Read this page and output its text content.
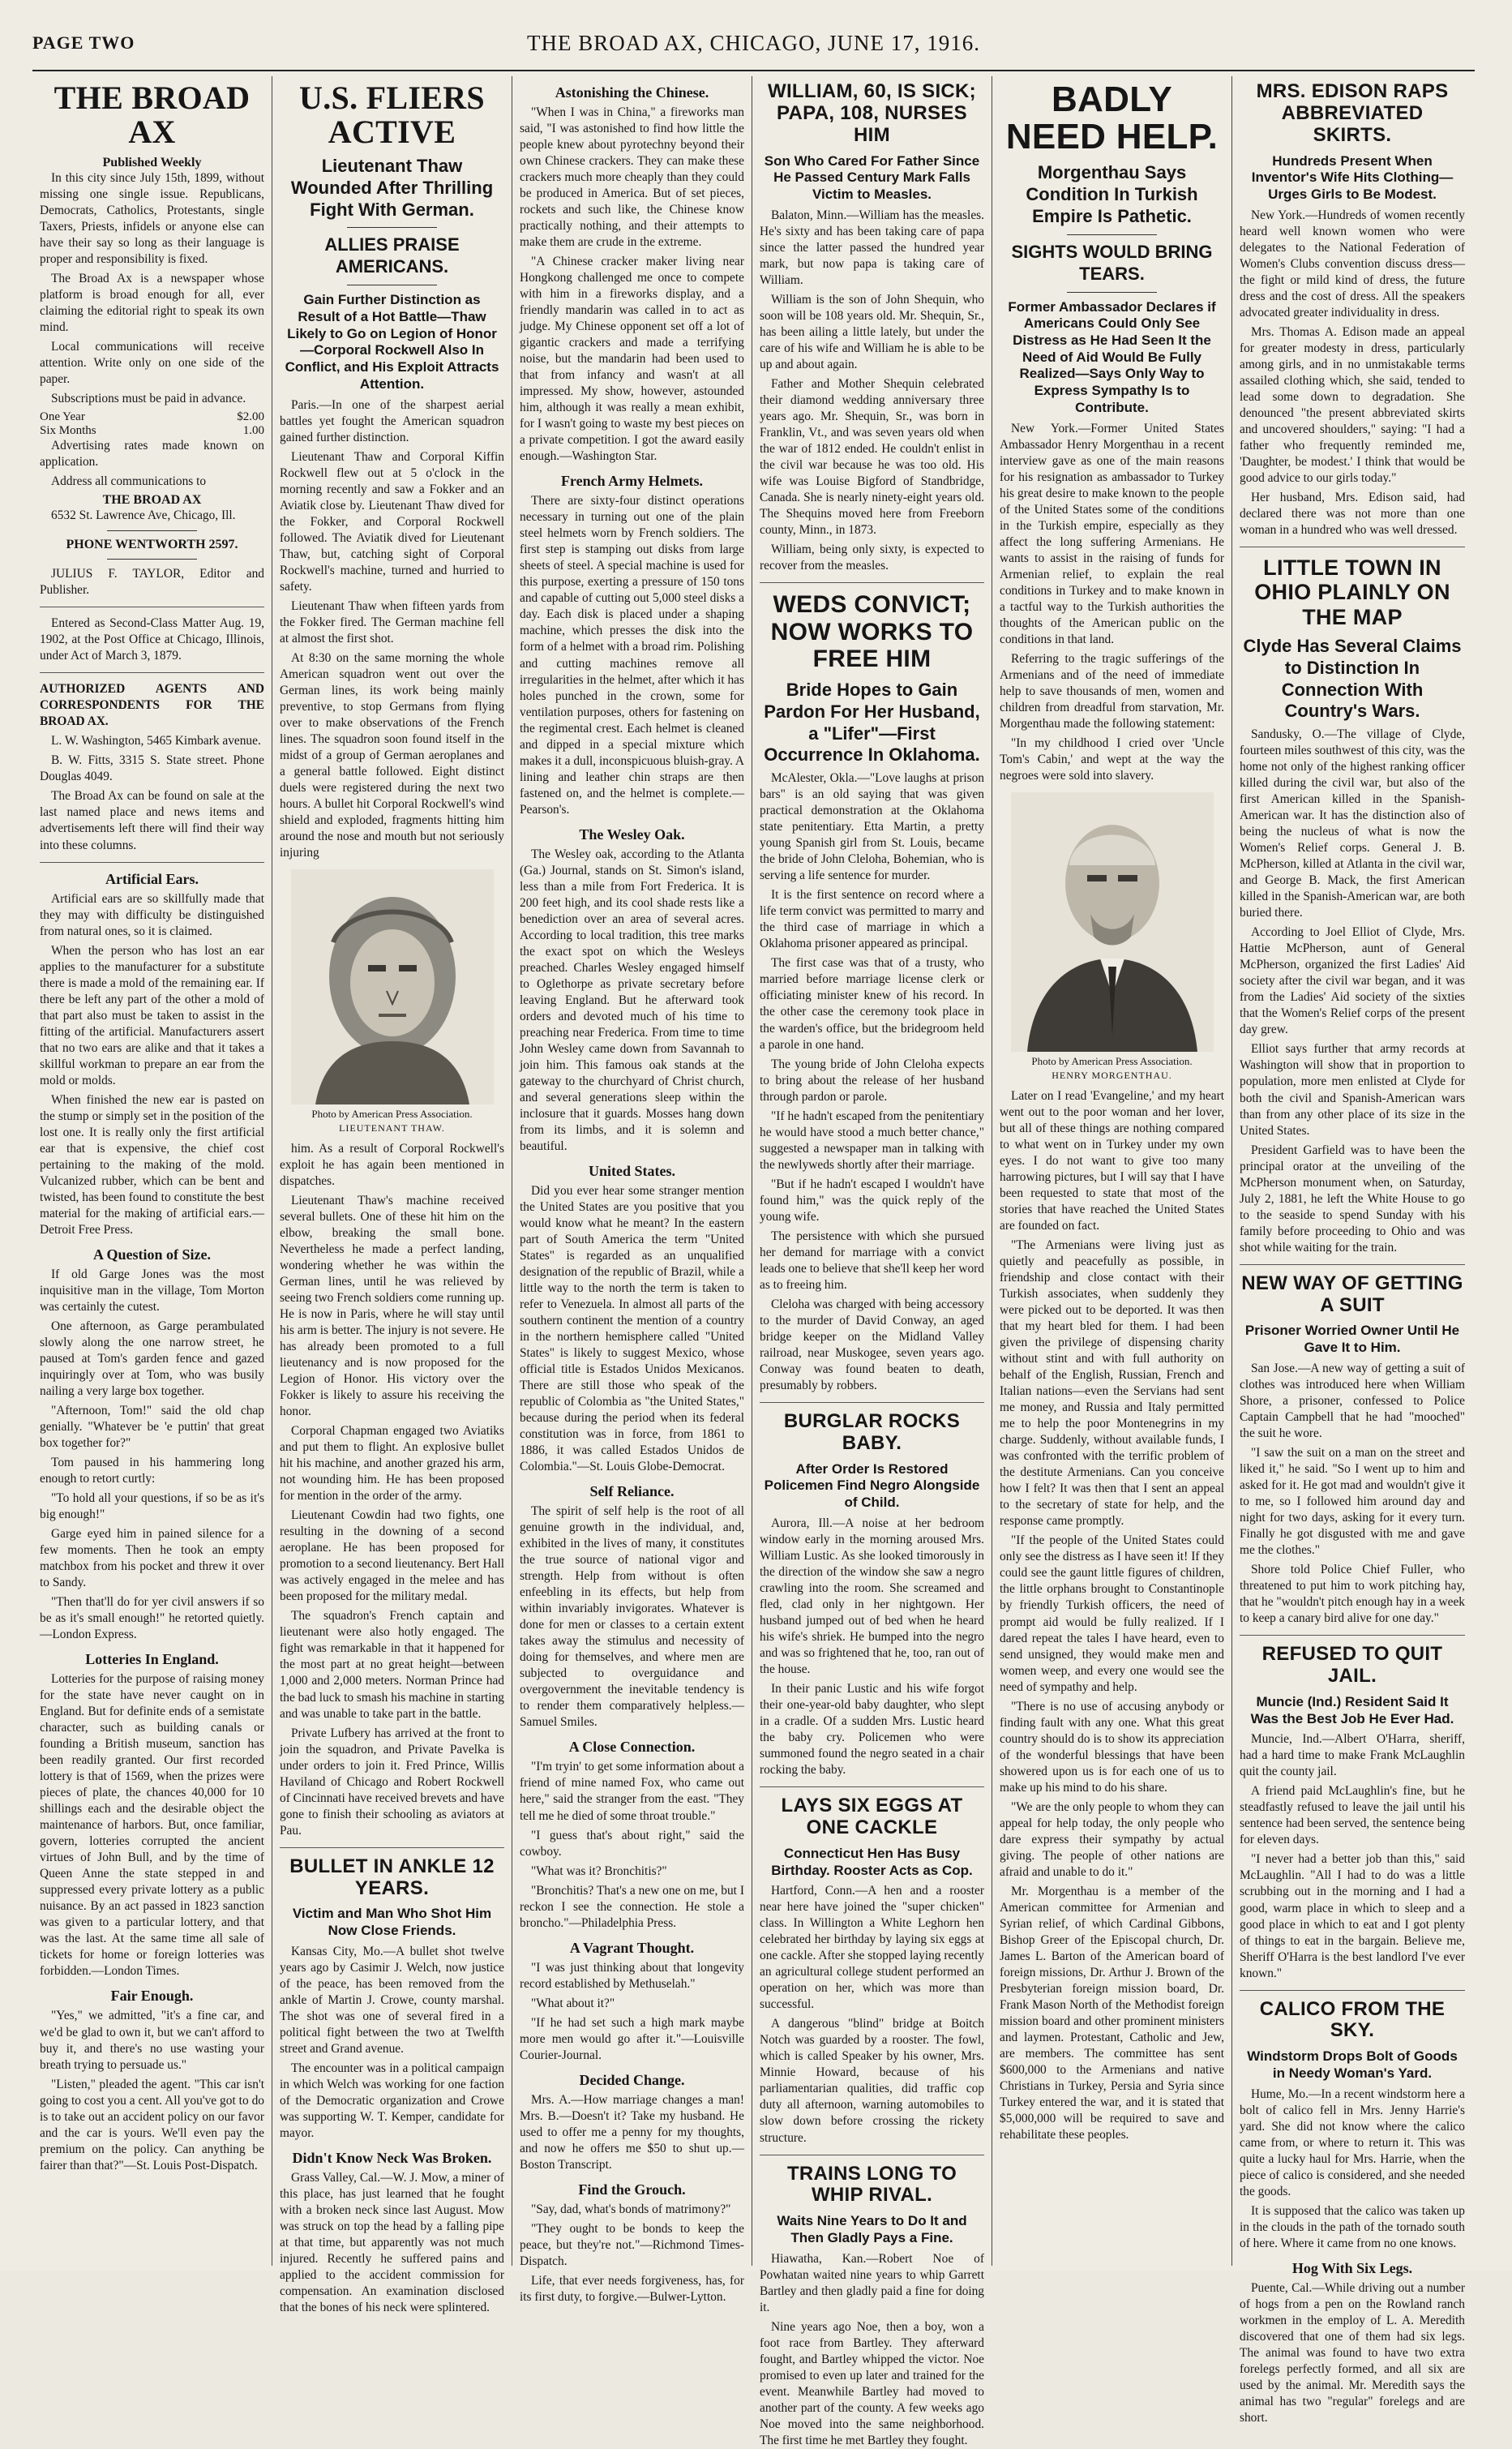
PAGE TWO	THE BROAD AX, CHICAGO, JUNE 17, 1916.
THE BROAD AX
Published Weekly

In this city since July 15th, 1899, without missing one single issue. Republicans, Democrats, Catholics, Protestants, single Taxers, Priests, infidels or anyone else can have their say so long as their language is proper and responsibility is fixed.

The Broad Ax is a newspaper whose platform is broad enough for all, ever claiming the editorial right to speak its own mind.

Local communications will receive attention. Write only on one side of the paper.

Subscriptions must be paid in advance.

One Year	$2.00
Six Months	1.00

Advertising rates made known on application.

Address all communications to

THE BROAD AX

6532 St. Lawrence Ave, Chicago, Ill.

PHONE WENTWORTH 2597.

JULIUS F. TAYLOR, Editor and Publisher.

Entered as Second-Class Matter Aug. 19, 1902, at the Post Office at Chicago, Illinois, under Act of March 3, 1879.

AUTHORIZED AGENTS AND CORRESPONDENTS FOR THE BROAD AX.

L. W. Washington, 5465 Kimbark avenue.

B. W. Fitts, 3315 S. State street. Phone Douglas 4049.

The Broad Ax can be found on sale at the last named place and news items and advertisements left there will find their way into these columns.

Artificial Ears.

Artificial ears are so skillfully made that they may with difficulty be distinguished from natural ones, so it is claimed.

When the person who has lost an ear applies to the manufacturer for a substitute there is made a mold of the remaining ear. If there be left any part of the other a mold of that part also must be taken to assist in the fitting of the artificial. Manufacturers assert that no two ears are alike and that it takes a skillful workman to prepare an ear from the mold or molds.

When finished the new ear is pasted on the stump or simply set in the position of the lost one. It is really only the first artificial ear that is expensive, the chief cost pertaining to the making of the mold. Vulcanized rubber, which can be bent and twisted, has been found to constitute the best material for the making of artificial ears.—Detroit Free Press.

A Question of Size.

If old Garge Jones was the most inquisitive man in the village, Tom Morton was certainly the cutest.

One afternoon, as Garge perambulated slowly along the one narrow street, he paused at Tom's garden fence and gazed inquiringly over at Tom, who was busily nailing a very large box together.

"Afternoon, Tom!" said the old chap genially. "Whatever be 'e puttin' that great box together for?"

Tom paused in his hammering long enough to retort curtly:

"To hold all your questions, if so be as it's big enough!"

Garge eyed him in pained silence for a few moments. Then he took an empty matchbox from his pocket and threw it over to Sandy.

"Then that'll do for yer civil answers if so be as it's small enough!" he retorted quietly.—London Express.

Lotteries In England.

Lotteries for the purpose of raising money for the state have never caught on in England. But for definite ends of a semistate character, such as building canals or founding a British museum, sanction has been readily granted. Our first recorded lottery is that of 1569, when the prizes were pieces of plate, the chances 40,000 for 10 shillings each and the desirable object the maintenance of harbors. But, once familiar, govern, lotteries corrupted the ancient virtues of John Bull, and by the time of Queen Anne the state stepped in and suppressed every private lottery as a public nuisance. By an act passed in 1823 sanction was given to a particular lottery, and that was the last. At the same time all sale of tickets for home or foreign lotteries was forbidden.—London Times.

Fair Enough.

"Yes," we admitted, "it's a fine car, and we'd be glad to own it, but we can't afford to buy it, and there's no use wasting your breath trying to persuade us."

"Listen," pleaded the agent. "This car isn't going to cost you a cent. All you've got to do is to take out an accident policy on our favor and the car is yours. We'll even pay the premium on the policy. Can anything be fairer than that?"—St. Louis Post-Dispatch.

U.S. FLIERS ACTIVE
Lieutenant Thaw Wounded After Thrilling Fight With German.
ALLIES PRAISE AMERICANS.
Gain Further Distinction as Result of a Hot Battle—Thaw Likely to Go on Legion of Honor—Corporal Rockwell Also In Conflict, and His Exploit Attracts Attention.

Paris.—In one of the sharpest aerial battles yet fought the American squadron gained further distinction.

Lieutenant Thaw and Corporal Kiffin Rockwell flew out at 5 o'clock in the morning recently and saw a Fokker and an Aviatik close by. Lieutenant Thaw dived for the Fokker, and Corporal Rockwell followed. The Aviatik dived for Lieutenant Thaw, but, catching sight of Corporal Rockwell's machine, turned and hurried to safety.

Lieutenant Thaw when fifteen yards from the Fokker fired. The German machine fell at almost the first shot.

At 8:30 on the same morning the whole American squadron went out over the German lines, its work being mainly preventive, to stop Germans from flying over to make observations of the French lines. The squadron soon found itself in the midst of a group of German aeroplanes and a general battle followed. Eight distinct duels were registered during the next two hours. A bullet hit Corporal Rockwell's wind shield and exploded, fragments hitting him around the nose and mouth but not seriously injuring

Photo by American Press Association.
LIEUTENANT THAW.

him. As a result of Corporal Rockwell's exploit he has again been mentioned in dispatches.

Lieutenant Thaw's machine received several bullets. One of these hit him on the elbow, breaking the small bone. Nevertheless he made a perfect landing, wondering whether he was within the German lines, until he was relieved by seeing two French soldiers come running up. He is now in Paris, where he will stay until his arm is better. The injury is not severe. He has already been promoted to a full lieutenancy and is now proposed for the Legion of Honor. His victory over the Fokker is likely to assure his receiving the honor.

Corporal Chapman engaged two Aviatiks and put them to flight. An explosive bullet hit his machine, and another grazed his arm, not wounding him. He has been proposed for mention in the order of the army.

Lieutenant Cowdin had two fights, one resulting in the downing of a second aeroplane. He has been proposed for promotion to a second lieutenancy. Bert Hall was actively engaged in the melee and has been proposed for the military medal.

The squadron's French captain and lieutenant were also hotly engaged. The fight was remarkable in that it happened for the most part at no great height—between 1,000 and 2,000 meters. Norman Prince had the bad luck to smash his machine in starting and was unable to take part in the battle.

Private Lufbery has arrived at the front to join the squadron, and Private Pavelka is under orders to join it. Fred Prince, Willis Haviland of Chicago and Robert Rockwell of Cincinnati have received brevets and have gone to finish their schooling as aviators at Pau.

BULLET IN ANKLE 12 YEARS.
Victim and Man Who Shot Him Now Close Friends.

Kansas City, Mo.—A bullet shot twelve years ago by Casimir J. Welch, now justice of the peace, has been removed from the ankle of Martin J. Crowe, county marshal. The shot was one of several fired in a political fight between the two at Twelfth street and Grand avenue.

The encounter was in a political campaign in which Welch was working for one faction of the Democratic organization and Crowe was supporting W. T. Kemper, candidate for mayor.

Didn't Know Neck Was Broken.

Grass Valley, Cal.—W. J. Mow, a miner of this place, has just learned that he fought with a broken neck since last August. Mow was struck on top the head by a falling pipe at that time, but apparently was not much injured. Recently he suffered pains and applied to the accident commission for compensation. An examination disclosed that the bones of his neck were splintered.

Astonishing the Chinese.

"When I was in China," a fireworks man said, "I was astonished to find how little the people knew about pyrotechny beyond their own Chinese crackers. They can make these crackers much more cheaply than they could be produced in America. But of set pieces, rockets and such like, the Chinese know practically nothing, and their attempts to make them are crude in the extreme.

"A Chinese cracker maker living near Hongkong challenged me once to compete with him in a fireworks display, and a friendly mandarin was called in to act as judge. My Chinese opponent set off a lot of gigantic crackers and made a terrifying noise, but the mandarin had been used to that from infancy and wasn't at all impressed. My show, however, astounded him, although it was really a mean exhibit, for I wasn't going to waste my best pieces on a private competition. I got the award easily enough.—Washington Star.

French Army Helmets.

There are sixty-four distinct operations necessary in turning out one of the plain steel helmets worn by French soldiers. The first step is stamping out disks from large sheets of steel. A special machine is used for this purpose, exerting a pressure of 150 tons and capable of cutting out 5,000 steel disks a day. Each disk is placed under a shaping machine, which presses the disk into the form of a helmet with a broad rim. Polishing and cutting machines remove all irregularities in the helmet, after which it has holes punched in the crown, some for ventilation purposes, others for fastening on the regimental crest. Each helmet is cleaned and dipped in a special mixture which makes it a dull, inconspicuous bluish-gray. A lining and leather chin straps are then fastened on, and the helmet is complete.—Pearson's.

The Wesley Oak.

The Wesley oak, according to the Atlanta (Ga.) Journal, stands on St. Simon's island, less than a mile from Fort Frederica. It is 200 feet high, and its cool shade rests like a benediction over an area of several acres. According to local tradition, this tree marks the exact spot on which the Wesleys preached. Charles Wesley engaged himself to Oglethorpe as private secretary before leaving England. But he afterward took orders and devoted much of his time to preaching near Frederica. From time to time John Wesley came down from Savannah to join him. This famous oak stands at the gateway to the churchyard of Christ church, and several generations sleep within the inclosure that it guards. Mosses hang down from its limbs, and it is solemn and beautiful.

United States.

Did you ever hear some stranger mention the United States are you positive that you would know what he meant? In the eastern part of South America the term "United States" is regarded as an unqualified designation of the republic of Brazil, while a little way to the north the term is taken to refer to Venezuela. In almost all parts of the southern continent the mention of a country in the northern hemisphere called "United States" is likely to suggest Mexico, whose official title is Estados Unidos Mexicanos. There are still those who speak of the republic of Colombia as "the United States," because during the period when its federal constitution was in force, from 1861 to 1886, it was called Estados Unidos de Colombia."—St. Louis Globe-Democrat.

Self Reliance.

The spirit of self help is the root of all genuine growth in the individual, and, exhibited in the lives of many, it constitutes the true source of national vigor and strength. Help from without is often enfeebling in its effects, but help from within invariably invigorates. Whatever is done for men or classes to a certain extent takes away the stimulus and necessity of doing for themselves, and where men are subjected to overguidance and overgovernment the inevitable tendency is to render them comparatively helpless.—Samuel Smiles.

A Close Connection.

"I'm tryin' to get some information about a friend of mine named Fox, who came out here," said the stranger from the east. "They tell me he died of some throat trouble."

"I guess that's about right," said the cowboy.

"What was it? Bronchitis?"

"Bronchitis? That's a new one on me, but I reckon I see the connection. He stole a broncho."—Philadelphia Press.

A Vagrant Thought.

"I was just thinking about that longevity record established by Methuselah."

"What about it?"

"If he had set such a high mark maybe more men would go after it."—Louisville Courier-Journal.

Decided Change.

Mrs. A.—How marriage changes a man! Mrs. B.—Doesn't it? Take my husband. He used to offer me a penny for my thoughts, and now he offers me $50 to shut up.—Boston Transcript.

Find the Grouch.

"Say, dad, what's bonds of matrimony?"

"They ought to be bonds to keep the peace, but they're not."—Richmond Times-Dispatch.

Life, that ever needs forgiveness, has, for its first duty, to forgive.—Bulwer-Lytton.

WILLIAM, 60, IS SICK; PAPA, 108, NURSES HIM
Son Who Cared For Father Since He Passed Century Mark Falls Victim to Measles.

Balaton, Minn.—William has the measles. He's sixty and has been taking care of papa since the latter passed the hundred year mark, but now papa is taking care of William.

William is the son of John Shequin, who soon will be 108 years old. Mr. Shequin, Sr., has been ailing a little lately, but under the care of his wife and William he is able to be up and about again.

Father and Mother Shequin celebrated their diamond wedding anniversary three years ago. Mr. Shequin, Sr., was born in Franklin, Vt., and was seven years old when the war of 1812 ended. He couldn't enlist in the civil war because he was too old. His wife was Louise Bigford of Standbridge, Canada. She is nearly ninety-eight years old. The Shequins moved here from Freeborn county, Minn., in 1873.

William, being only sixty, is expected to recover from the measles.

WEDS CONVICT; NOW WORKS TO FREE HIM
Bride Hopes to Gain Pardon For Her Husband, a "Lifer"—First Occurrence In Oklahoma.

McAlester, Okla.—"Love laughs at prison bars" is an old saying that was given practical demonstration at the Oklahoma state penitentiary. Etta Martin, a pretty young Spanish girl from St. Louis, became the bride of John Cleloha, Bohemian, who is serving a life sentence for murder.

It is the first sentence on record where a life term convict was permitted to marry and the third case of marriage in which a Oklahoma prisoner appeared as principal.

The first case was that of a trusty, who married before marriage license clerk or officiating minister knew of his record. In the other case the ceremony took place in the warden's office, but the bridegroom held a parole in one hand.

The young bride of John Cleloha expects to bring about the release of her husband through pardon or parole.

"If he hadn't escaped from the penitentiary he would have stood a much better chance," suggested a newspaper man in talking with the newlyweds shortly after their marriage.

"But if he hadn't escaped I wouldn't have found him," was the quick reply of the young wife.

The persistence with which she pursued her demand for marriage with a convict leads one to believe that she'll keep her word as to freeing him.

Cleloha was charged with being accessory to the murder of David Conway, an aged bridge keeper on the Midland Valley railroad, near Muskogee, seven years ago. Conway was found beaten to death, presumably by robbers.

BURGLAR ROCKS BABY.
After Order Is Restored Policemen Find Negro Alongside of Child.

Aurora, Ill.—A noise at her bedroom window early in the morning aroused Mrs. William Lustic. As she looked timorously in the direction of the window she saw a negro crawling into the room. She screamed and fled, clad only in her nightgown. Her husband jumped out of bed when he heard his wife's shriek. He bumped into the negro and was so frightened that he, too, ran out of the house.

In their panic Lustic and his wife forgot their one-year-old baby daughter, who slept in a cradle. Of a sudden Mrs. Lustic heard the baby cry. Policemen who were summoned found the negro seated in a chair rocking the baby.

LAYS SIX EGGS AT ONE CACKLE
Connecticut Hen Has Busy Birthday. Rooster Acts as Cop.

Hartford, Conn.—A hen and a rooster near here have joined the "super chicken" class. In Willington a White Leghorn hen celebrated her birthday by laying six eggs at one cackle. After she stopped laying recently an agricultural college student performed an operation on her, which was more than successful.

A dangerous "blind" bridge at Boitch Notch was guarded by a rooster. The fowl, which is called Speaker by his owner, Mrs. Minnie Howard, because of his parliamentarian qualities, did traffic cop duty all afternoon, warning automobiles to slow down before crossing the rickety structure.

TRAINS LONG TO WHIP RIVAL.
Waits Nine Years to Do It and Then Gladly Pays a Fine.

Hiawatha, Kan.—Robert Noe of Powhatan waited nine years to whip Garrett Bartley and then gladly paid a fine for doing it.

Nine years ago Noe, then a boy, won a foot race from Bartley. They afterward fought, and Bartley whipped the victor. Noe promised to even up later and trained for the event. Meanwhile Bartley had moved to another part of the county. A few weeks ago Noe moved into the same neighborhood. The first time he met Bartley they fought.

BADLY NEED HELP.
Morgenthau Says Condition In Turkish Empire Is Pathetic.
SIGHTS WOULD BRING TEARS.
Former Ambassador Declares if Americans Could Only See Distress as He Had Seen It the Need of Aid Would Be Fully Realized—Says Only Way to Express Sympathy Is to Contribute.

New York.—Former United States Ambassador Henry Morgenthau in a recent interview gave as one of the main reasons for his resignation as ambassador to Turkey his great desire to make known to the people of the United States some of the conditions in the Turkish empire, especially as they affect the long suffering Armenians. He wants to assist in the raising of funds for Armenian relief, to explain the real conditions in Turkey and to make known in a tactful way to the Turkish authorities the thoughts of the American public on the conditions in that land.

Referring to the tragic sufferings of the Armenians and of the need of immediate help to save thousands of men, women and children from dreadful from starvation, Mr. Morgenthau made the following statement:

"In my childhood I cried over 'Uncle Tom's Cabin,' and wept at the way the negroes were sold into slavery.

Photo by American Press Association.
HENRY MORGENTHAU.

Later on I read 'Evangeline,' and my heart went out to the poor woman and her lover, but all of these things are nothing compared to what went on in Turkey under my own eyes. I do not want to give too many harrowing pictures, but I will say that I have been requested to state that most of the stories that have reached the United States are founded on fact.

"The Armenians were living just as quietly and peacefully as possible, in friendship and close contact with their Turkish associates, when suddenly they were picked out to be deported. It was then that my heart bled for them. I had been given the privilege of dispensing charity without stint and with full authority on behalf of the English, Russian, French and Italian nations—even the Servians had sent me money, and Russia and Italy permitted me to help the poor Montenegrins in my charge. Suddenly, without available funds, I was confronted with the terrific problem of the destitute Armenians. Can you conceive how I felt? It was then that I sent an appeal to the secretary of state for help, and the response came promptly.

"If the people of the United States could only see the distress as I have seen it! If they could see the gaunt little figures of children, the little orphans brought to Constantinople by friendly Turkish officers, the need of prompt aid would be fully realized. If I dared repeat the tales I have heard, even to send unsigned, they would make men and women weep, and every one would see the need of sympathy and help.

"There is no use of accusing anybody or finding fault with any one. What this great country should do is to show its appreciation of the wonderful blessings that have been showered upon us is for each one of us to make up his mind to do his share.

"We are the only people to whom they can appeal for help today, the only people who dare express their sympathy by actual giving. The people of other nations are afraid and unable to do it."

Mr. Morgenthau is a member of the American committee for Armenian and Syrian relief, of which Cardinal Gibbons, Bishop Greer of the Episcopal church, Dr. James L. Barton of the American board of foreign missions, Dr. Arthur J. Brown of the Presbyterian foreign mission board, Dr. Frank Mason North of the Methodist foreign mission board and other prominent ministers and laymen. Protestant, Catholic and Jew, are members. The committee has sent $600,000 to the Armenians and native Christians in Turkey, Persia and Syria since Turkey entered the war, and it is stated that $5,000,000 will be required to save and rehabilitate these peoples.

MRS. EDISON RAPS ABBREVIATED SKIRTS.
Hundreds Present When Inventor's Wife Hits Clothing—Urges Girls to Be Modest.

New York.—Hundreds of women recently heard well known women who were delegates to the National Federation of Women's Clubs convention discuss dress—the fight or mild kind of dress, the future dress and the cost of dress. All the speakers advocated greater individuality in dress.

Mrs. Thomas A. Edison made an appeal for greater modesty in dress, particularly among girls, and in no unmistakable terms assailed clothing which, she said, tended to lead some down to degradation. She denounced "the present abbreviated skirts and uncovered shoulders," saying: "I had a father who frequently reminded me, 'Daughter, be modest.' I think that would be good advice to our girls today."

Her husband, Mrs. Edison said, had declared there was not more than one woman in a hundred who was well dressed.

LITTLE TOWN IN OHIO PLAINLY ON THE MAP
Clyde Has Several Claims to Distinction In Connection With Country's Wars.

Sandusky, O.—The village of Clyde, fourteen miles southwest of this city, was the home not only of the highest ranking officer killed during the civil war, but also of the first American killed in the Spanish-American war. It has the distinction also of being the nucleus of what is now the Women's Relief corps. General J. B. McPherson, killed at Atlanta in the civil war, and George B. Mack, the first American killed in the Spanish-American war, are both buried there.

According to Joel Elliot of Clyde, Mrs. Hattie McPherson, aunt of General McPherson, organized the first Ladies' Aid society after the civil war began, and it was from the Ladies' Aid society of the sixties that the Women's Relief corps of the present day grew.

Elliot says further that army records at Washington will show that in proportion to population, more men enlisted at Clyde for both the civil and Spanish-American wars than from any other place of its size in the United States.

President Garfield was to have been the principal orator at the unveiling of the McPherson monument when, on Saturday, July 2, 1881, he left the White House to go to the seaside to spend Sunday with his family before proceeding to Ohio and was shot while waiting for the train.

NEW WAY OF GETTING A SUIT
Prisoner Worried Owner Until He Gave It to Him.

San Jose.—A new way of getting a suit of clothes was introduced here when William Shore, a prisoner, confessed to Police Captain Campbell that he had "mooched" the suit he wore.

"I saw the suit on a man on the street and liked it," he said. "So I went up to him and asked for it. He got mad and wouldn't give it to me, so I followed him around day and night for two days, asking for it every turn. Finally he got disgusted with me and gave me the clothes."

Shore told Police Chief Fuller, who threatened to put him to work pitching hay, that he "wouldn't pitch enough hay in a week to keep a canary bird alive for one day."

REFUSED TO QUIT JAIL.
Muncie (Ind.) Resident Said It Was the Best Job He Ever Had.

Muncie, Ind.—Albert O'Harra, sheriff, had a hard time to make Frank McLaughlin quit the county jail.

A friend paid McLaughlin's fine, but he steadfastly refused to leave the jail until his sentence had been served, the sentence being for eleven days.

"I never had a better job than this," said McLaughlin. "All I had to do was a little scrubbing out in the morning and I had a good, warm place in which to sleep and a good place in which to eat and I got plenty of things to eat in the bargain. Believe me, Sheriff O'Harra is the best landlord I've ever known."

CALICO FROM THE SKY.
Windstorm Drops Bolt of Goods in Needy Woman's Yard.

Hume, Mo.—In a recent windstorm here a bolt of calico fell in Mrs. Jenny Harrie's yard. She did not know where the calico came from, or where to return it. This was quite a lucky haul for Mrs. Harrie, when the piece of calico is considered, and she needed the goods.

It is supposed that the calico was taken up in the clouds in the path of the tornado south of here. Where it came from no one knows.

Hog With Six Legs.

Puente, Cal.—While driving out a number of hogs from a pen on the Rowland ranch workmen in the employ of L. A. Meredith discovered that one of them had six legs. The animal was found to have two extra forelegs perfectly formed, and all six are used by the animal. Mr. Meredith says the animal has two "regular" forelegs and are short.
